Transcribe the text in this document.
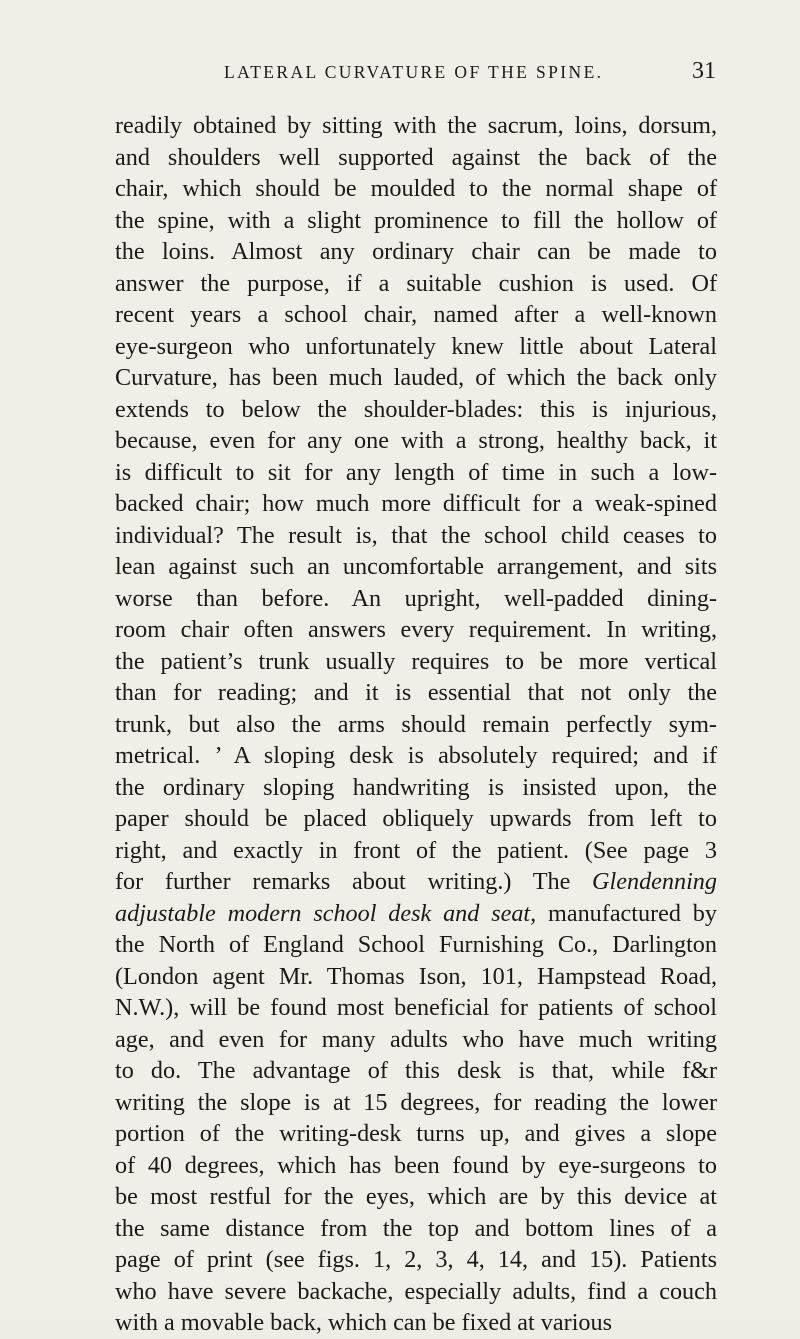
LATERAL CURVATURE OF THE SPINE.	31
readily obtained by sitting with the sacrum, loins, dorsum,
and shoulders well supported against the back of the
chair, which should be moulded to the normal shape of
the spine, with a slight prominence to fill the hollow of
the loins. Almost any ordinary chair can be made to
answer the purpose, if a suitable cushion is used. Of
recent years a school chair, named after a well-known
eye-surgeon who unfortunately knew little about Lateral
Curvature, has been much lauded, of which the back only
extends to below the shoulder-blades: this is injurious,
because, even for any one with a strong, healthy back, it
is difficult to sit for any length of time in such a low-
backed chair; how much more difficult for a weak-spined
individual? The result is, that the school child ceases to
lean against such an uncomfortable arrangement, and sits
worse than before. An upright, well-padded dining-
room chair often answers every requirement. In writing,
the patient’s trunk usually requires to be more vertical
than for reading; and it is essential that not only the
trunk, but also the arms should remain perfectly sym-
metrical. ’ A sloping desk is absolutely required; and if
the ordinary sloping handwriting is insisted upon, the
paper should be placed obliquely upwards from left to
right, and exactly in front of the patient. (See page 3
for further remarks about writing.) The Glendenning
adjustable modern school desk and seat, manufactured by
the North of England School Furnishing Co., Darlington
(London agent Mr. Thomas Ison, 101, Hampstead Road,
N.W.), will be found most beneficial for patients of school
age, and even for many adults who have much writing
to do. The advantage of this desk is that, while f&r
writing the slope is at 15 degrees, for reading the lower
portion of the writing-desk turns up, and gives a slope
of 40 degrees, which has been found by eye-surgeons to
be most restful for the eyes, which are by this device at
the same distance from the top and bottom lines of a
page of print (see figs. 1, 2, 3, 4, 14, and 15). Patients
who have severe backache, especially adults, find a couch
with a movable back, which can be fixed at various
